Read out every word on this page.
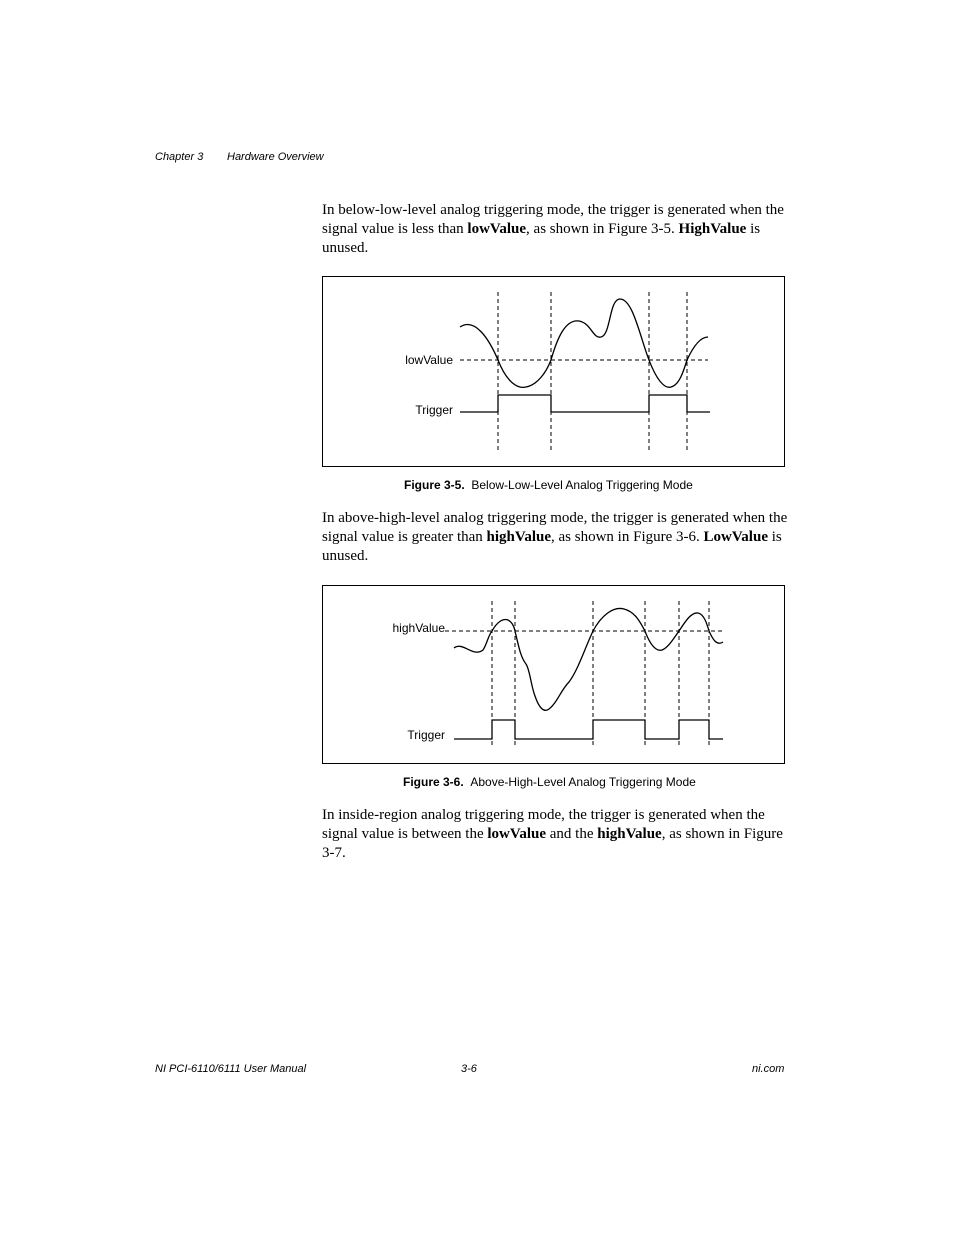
Chapter 3 Hardware Overview

In below-low-level analog triggering mode, the trigger is generated when the signal value is less than lowValue, as shown in Figure 3-5. HighValue is unused.

lowValue
Trigger
Figure 3-5. Below-Low-Level Analog Triggering Mode

In above-high-level analog triggering mode, the trigger is generated when the signal value is greater than highValue, as shown in Figure 3-6. LowValue is unused.

highValue
Trigger
Figure 3-6. Above-High-Level Analog Triggering Mode

In inside-region analog triggering mode, the trigger is generated when the signal value is between the lowValue and the highValue, as shown in Figure 3-7.

NI PCI-6110/6111 User Manual	3-6	ni.com
